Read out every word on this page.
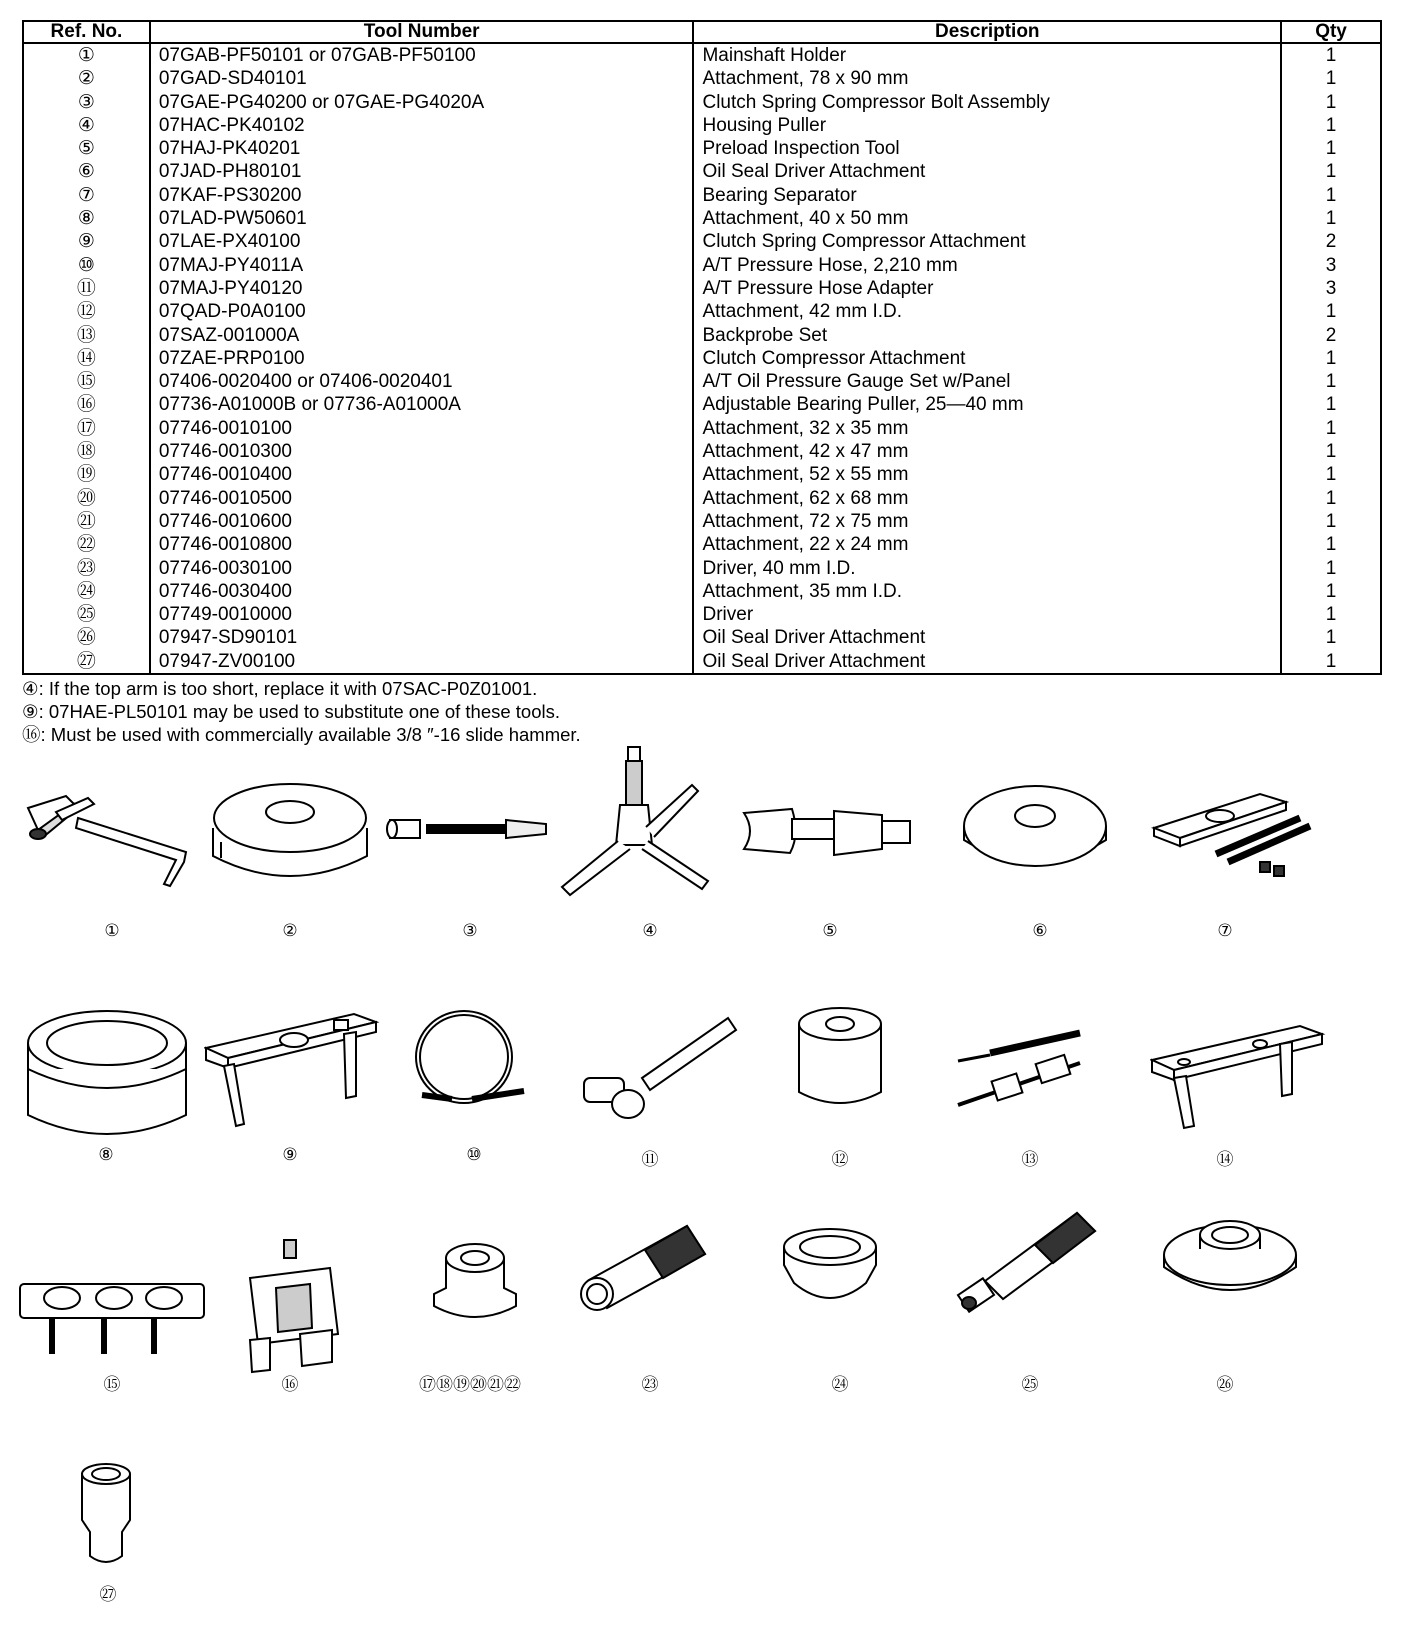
Ref. No.	Tool Number	Description	Qty
①	07GAB-PF50101 or 07GAB-PF50100	Mainshaft Holder	1
②	07GAD-SD40101	Attachment, 78 x 90 mm	1
③	07GAE-PG40200 or 07GAE-PG4020A	Clutch Spring Compressor Bolt Assembly	1
④	07HAC-PK40102	Housing Puller	1
⑤	07HAJ-PK40201	Preload Inspection Tool	1
⑥	07JAD-PH80101	Oil Seal Driver Attachment	1
⑦	07KAF-PS30200	Bearing Separator	1
⑧	07LAD-PW50601	Attachment, 40 x 50 mm	1
⑨	07LAE-PX40100	Clutch Spring Compressor Attachment	2
⑩	07MAJ-PY4011A	A/T Pressure Hose, 2,210 mm	3
⑪	07MAJ-PY40120	A/T Pressure Hose Adapter	3
⑫	07QAD-P0A0100	Attachment, 42 mm I.D.	1
⑬	07SAZ-001000A	Backprobe Set	2
⑭	07ZAE-PRP0100	Clutch Compressor Attachment	1
⑮	07406-0020400 or 07406-0020401	A/T Oil Pressure Gauge Set w/Panel	1
⑯	07736-A01000B or 07736-A01000A	Adjustable Bearing Puller, 25—40 mm	1
⑰	07746-0010100	Attachment, 32 x 35 mm	1
⑱	07746-0010300	Attachment, 42 x 47 mm	1
⑲	07746-0010400	Attachment, 52 x 55 mm	1
⑳	07746-0010500	Attachment, 62 x 68 mm	1
㉑	07746-0010600	Attachment, 72 x 75 mm	1
㉒	07746-0010800	Attachment, 22 x 24 mm	1
㉓	07746-0030100	Driver, 40 mm I.D.	1
㉔	07746-0030400	Attachment, 35 mm I.D.	1
㉕	07749-0010000	Driver	1
㉖	07947-SD90101	Oil Seal Driver Attachment	1
㉗	07947-ZV00100	Oil Seal Driver Attachment	1
④: If the top arm is too short, replace it with 07SAC-P0Z01001.
⑨: 07HAE-PL50101 may be used to substitute one of these tools.
⑯: Must be used with commercially available 3/8 ″-16 slide hammer.
①	②	③	④	⑤	⑥	⑦
⑧	⑨	⑩	⑪	⑫	⑬	⑭
⑮	⑯	⑰⑱⑲⑳㉑㉒	㉓	㉔	㉕	㉖
㉗
